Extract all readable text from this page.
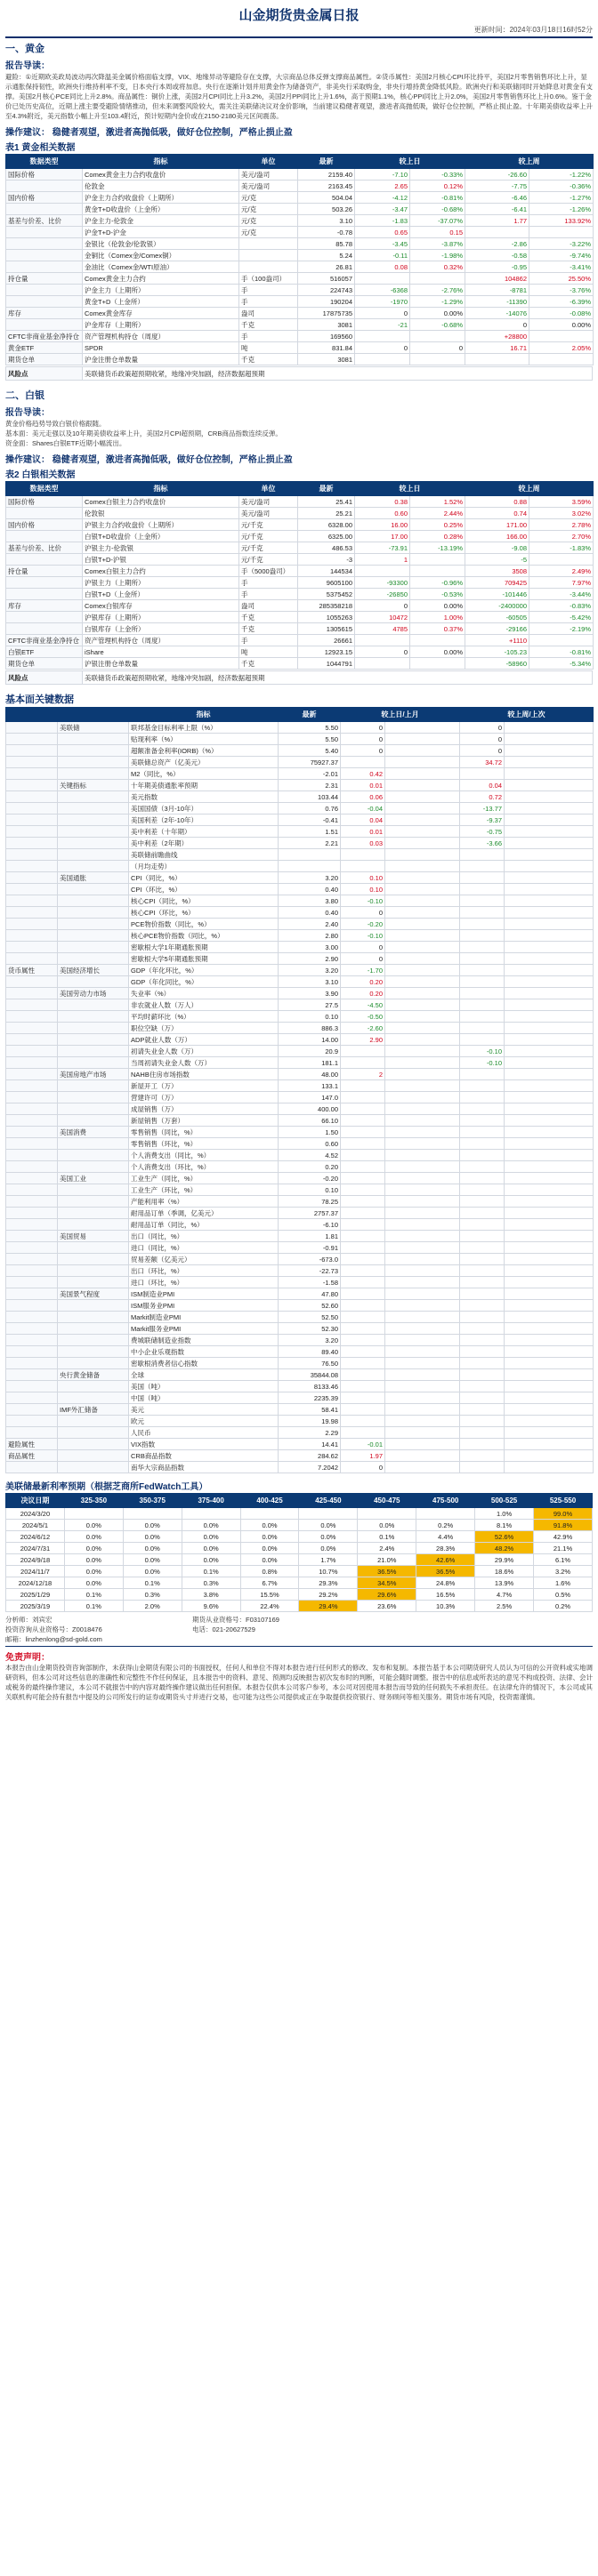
山金期货贵金属日报
更新时间：2024年03月18日16时52分
一、黄金
报告导读：
避险：①近期欧美政局波动再次降温美金属价格面临支撑，VIX、地缘异动等避险存在支撑，大宗商品总体反弹支撑商品属性。②货币属性：美国2月核心CPI环比持平，美国2月零售销售环比上升，显示通胀保持韧性，欧洲央行维持利率不变，日本央行本周或将加息。央行在逐渐计划并用黄金作为储备资产，非美央行采取购金，非央行增持黄金降低风险。欧洲央行和美联储同时开始降息对黄金有支撑。美国2月核心PCE同比上升2.8%。商品属性：铜价上涨，美国2月CPI同比上升3.2%，美国2月PPI同比上升1.6%，高于预期1.1%，核心PPI同比上升2.0%，美国2月零售销售环比上升0.6%。鉴于金价已处历史高位，近期上涨主要受避险情绪推动，但未来调整风险较大，需关注美联储决议对金价影响，当前建议稳健者观望，激进者高抛低吸，做好仓位控制，严格止损止盈。十年期美债收益率上升至4.3%附近，美元指数小幅上升至103.4附近，预计短期内金价或在2150-2180美元区间震荡。
操作建议： 稳健者观望，激进者高抛低吸，做好仓位控制，严格止损止盈
表1 黄金相关数据
数据类型	指标	单位	最新	较上日		较上周	
国际价格	Comex黄金主力合约收盘价	美元/盎司	2159.40	-7.10	-0.33%	-26.60	-1.22%
	伦敦金	美元/盎司	2163.45	2.65	0.12%	-7.75	-0.36%
国内价格	沪金主力合约收盘价（上期所）	元/克	504.04	-4.12	-0.81%	-6.46	-1.27%
	黄金T+D收盘价（上金所）	元/克	503.26	-3.47	-0.68%	-6.41	-1.26%
基差与价差、比价	沪金主力-伦敦金	元/克	3.10	-1.83	-37.07%	1.77	133.92%
	沪金T+D-沪金	元/克	-0.78	0.65	0.15		
	金银比（伦敦金/伦敦银）		85.78	-3.45	-3.87%	-2.86	-3.22%
	金铜比（Comex金/Comex铜）		5.24	-0.11	-1.98%	-0.58	-9.74%
	金油比（Comex金/WTI原油）		26.81	0.08	0.32%	-0.95	-3.41%
持仓量	Comex黄金主力合约	手（100盎司）	516057			104862	25.50%
	沪金主力（上期所）	手	224743	-6368	-2.76%	-8781	-3.76%
	黄金T+D（上金所）	手	190204	-1970	-1.29%	-11390	-6.39%
库存	Comex黄金库存	盎司	17875735	0	0.00%	-14076	-0.08%
	沪金库存（上期所）	千克	3081	-21	-0.68%	0	0.00%
CFTC非商业基金净持仓	资产管理机构持仓（周度）	手	169560			+28800	
黄金ETF	SPDR	吨	831.84	0	0	16.71	2.05%
期货仓单	沪金注册仓单数量	千克	3081				
风险点	美联储货币政策超预期收紧，地缘冲突加剧，经济数据超预期
二、白银
报告导读：
黄金价格趋势导致白银价格跟随。
基本面：美元走强以及10年期美债收益率上升，美国2月CPI超预期，CRB商品指数连续反弹。
资金面：Shares白银ETF近期小幅流出。
操作建议： 稳健者观望，激进者高抛低吸，做好仓位控制，严格止损止盈
表2 白银相关数据
数据类型	指标	单位	最新	较上日		较上周	
国际价格	Comex白银主力合约收盘价	美元/盎司	25.41	0.38	1.52%	0.88	3.59%
	伦敦银	美元/盎司	25.21	0.60	2.44%	0.74	3.02%
国内价格	沪银主力合约收盘价（上期所）	元/千克	6328.00	16.00	0.25%	171.00	2.78%
	白银T+D收盘价（上金所）	元/千克	6325.00	17.00	0.28%	166.00	2.70%
基差与价差、比价	沪银主力-伦敦银	元/千克	486.53	-73.91	-13.19%	-9.08	-1.83%
	白银T+D-沪银	元/千克	-3	1		-5	
持仓量	Comex白银主力合约	手（5000盎司）	144534			3508	2.49%
	沪银主力（上期所）	手	9605100	-93300	-0.96%	709425	7.97%
	白银T+D（上金所）	手	5375452	-26850	-0.53%	-101446	-3.44%
库存	Comex白银库存	盎司	285358218	0	0.00%	-2400000	-0.83%
	沪银库存（上期所）	千克	1055263	10472	1.00%	-60505	-5.42%
	白银库存（上金所）	千克	1305615	4785	0.37%	-29166	-2.19%
CFTC非商业基金净持仓	资产管理机构持仓（周度）	手	26661			+1110	
白银ETF	iShare	吨	12923.15	0	0.00%	-105.23	-0.81%
期货仓单	沪银注册仓单数量	千克	1044791			-58960	-5.34%
风险点	美联储货币政策超预期收紧，地缘冲突加剧，经济数据超预期
基本面关键数据
		指标	最新	较上日/上月		较上周/上次	
	美联储	联邦基金目标利率上限（%）	5.50	0		0	
		贴现利率（%）	5.50	0		0	
		超额准备金利率(IORB)（%）	5.40	0		0	
		美联储总资产（亿美元）	75927.37			34.72	
		M2（同比，%）	-2.01	0.42			
	关键指标	十年期美债通胀率预期	2.31	0.01		0.04	
		美元指数	103.44	0.06		0.72	
		美国国债（3月-10年）	0.76	-0.04		-13.77	
		美国利差（2年-10年）	-0.41	0.04		-9.37	
		美中利差（十年期）	1.51	0.01		-0.75	
		美中利差（2年期）	2.21	0.03		-3.66	
		美联储前瞻曲线					
		（月均走势）					
	美国通胀	CPI（同比，%）	3.20	0.10			
		CPI（环比，%）	0.40	0.10			
		核心CPI（同比，%）	3.80	-0.10			
		核心CPI（环比，%）	0.40	0			
		PCE物价指数（同比，%）	2.40	-0.20			
		核心PCE物价指数（同比，%）	2.80	-0.10			
		密歇根大学1年期通胀预期	3.00	0			
		密歇根大学5年期通胀预期	2.90	0			
货币属性	美国经济增长	GDP（年化环比，%）	3.20	-1.70			
		GDP（年化同比，%）	3.10	0.20			
	美国劳动力市场	失业率（%）	3.90	0.20			
		非农就业人数（万人）	27.5	-4.50			
		平均时薪环比（%）	0.10	-0.50			
		职位空缺（万）	886.3	-2.60			
		ADP就业人数（万）	14.00	2.90			
		初请失业金人数（万）	20.9			-0.10	
		当周初请失业金人数（万）	181.1			-0.10	
	美国房地产市场	NAHB住房市场指数	48.00	2			
		新屋开工（万）	133.1				
		营建许可（万）	147.0				
		成屋销售（万）	400.00				
		新屋销售（万套）	66.10				
	美国消费	零售销售（同比，%）	1.50				
		零售销售（环比，%）	0.60				
		个人消费支出（同比，%）	4.52				
		个人消费支出（环比，%）	0.20				
	美国工业	工业生产（同比，%）	-0.20				
		工业生产（环比，%）	0.10				
		产能利用率（%）	78.25				
		耐用品订单（季调，亿美元）	2757.37				
		耐用品订单（同比，%）	-6.10				
	美国贸易	出口（同比，%）	1.81				
		进口（同比，%）	-0.91				
		贸易差额（亿美元）	-673.0				
		出口（环比，%）	-22.73				
		进口（环比，%）	-1.58				
	美国景气程度	ISM制造业PMI	47.80				
		ISM服务业PMI	52.60				
		Markit制造业PMI	52.50				
		Markit服务业PMI	52.30				
		费城联储制造业指数	3.20				
		中小企业乐观指数	89.40				
		密歇根消费者信心指数	76.50				
	央行黄金储备	全球	35844.08				
		美国（吨）	8133.46				
		中国（吨）	2235.39				
	IMF外汇储备	美元	58.41				
		欧元	19.98				
		人民币	2.29				
避险属性		VIX指数	14.41	-0.01			
商品属性		CRB商品指数	284.62	1.97			
		南华大宗商品指数	7.2042	0			
美联储最新利率预期（根据芝商所FedWatch工具）
决议日期	325-350	350-375	375-400	400-425	425-450	450-475	475-500	500-525	525-550
2024/3/20								1.0%	99.0%
2024/5/1	0.0%	0.0%	0.0%	0.0%	0.0%	0.0%	0.2%	8.1%	91.8%
2024/6/12	0.0%	0.0%	0.0%	0.0%	0.0%	0.1%	4.4%	52.6%	42.9%
2024/7/31	0.0%	0.0%	0.0%	0.0%	0.0%	2.4%	28.3%	48.2%	21.1%
2024/9/18	0.0%	0.0%	0.0%	0.0%	1.7%	21.0%	42.6%	29.9%	6.1%
2024/11/7	0.0%	0.0%	0.1%	0.8%	10.7%	36.5%	36.5%	18.6%	3.2%
2024/12/18	0.0%	0.1%	0.3%	6.7%	29.3%	34.5%	24.8%	13.9%	1.6%
2025/1/29	0.1%	0.3%	3.8%	15.5%	29.2%	29.6%	16.5%	4.7%	0.5%
2025/3/19	0.1%	2.0%	9.6%	22.4%	29.4%	23.6%	10.3%	2.5%	0.2%
分析师：刘宾宏	期货从业资格号：F03107169
投资咨询从业资格号：Z0018476	电话：021-20627529
邮箱：linzhenlong@sd-gold.com
免责声明：
本报告由山金期货投资咨询部制作，未获得山金期货有限公司的书面授权，任何人和单位不得对本报告进行任何形式的修改、发布和复制。本报告基于本公司期货研究人员认为可信的公开资料或实地调研资料，但本公司对这些信息的准确性和完整性不作任何保证，且本报告中的资料、意见、预测均反映报告初次发布时的判断，可能会随时调整。报告中的信息或所表达的意见不构成投资、法律、会计或税务的最终操作建议，本公司不就报告中的内容对最终操作建议做出任何担保。本报告仅供本公司客户参考，本公司对因使用本报告而导致的任何损失不承担责任。在法律允许的情况下，本公司或其关联机构可能会持有报告中提及的公司所发行的证券或期货头寸并进行交易，也可能为这些公司提供或正在争取提供投资银行、财务顾问等相关服务。期货市场有风险，投资需谨慎。
